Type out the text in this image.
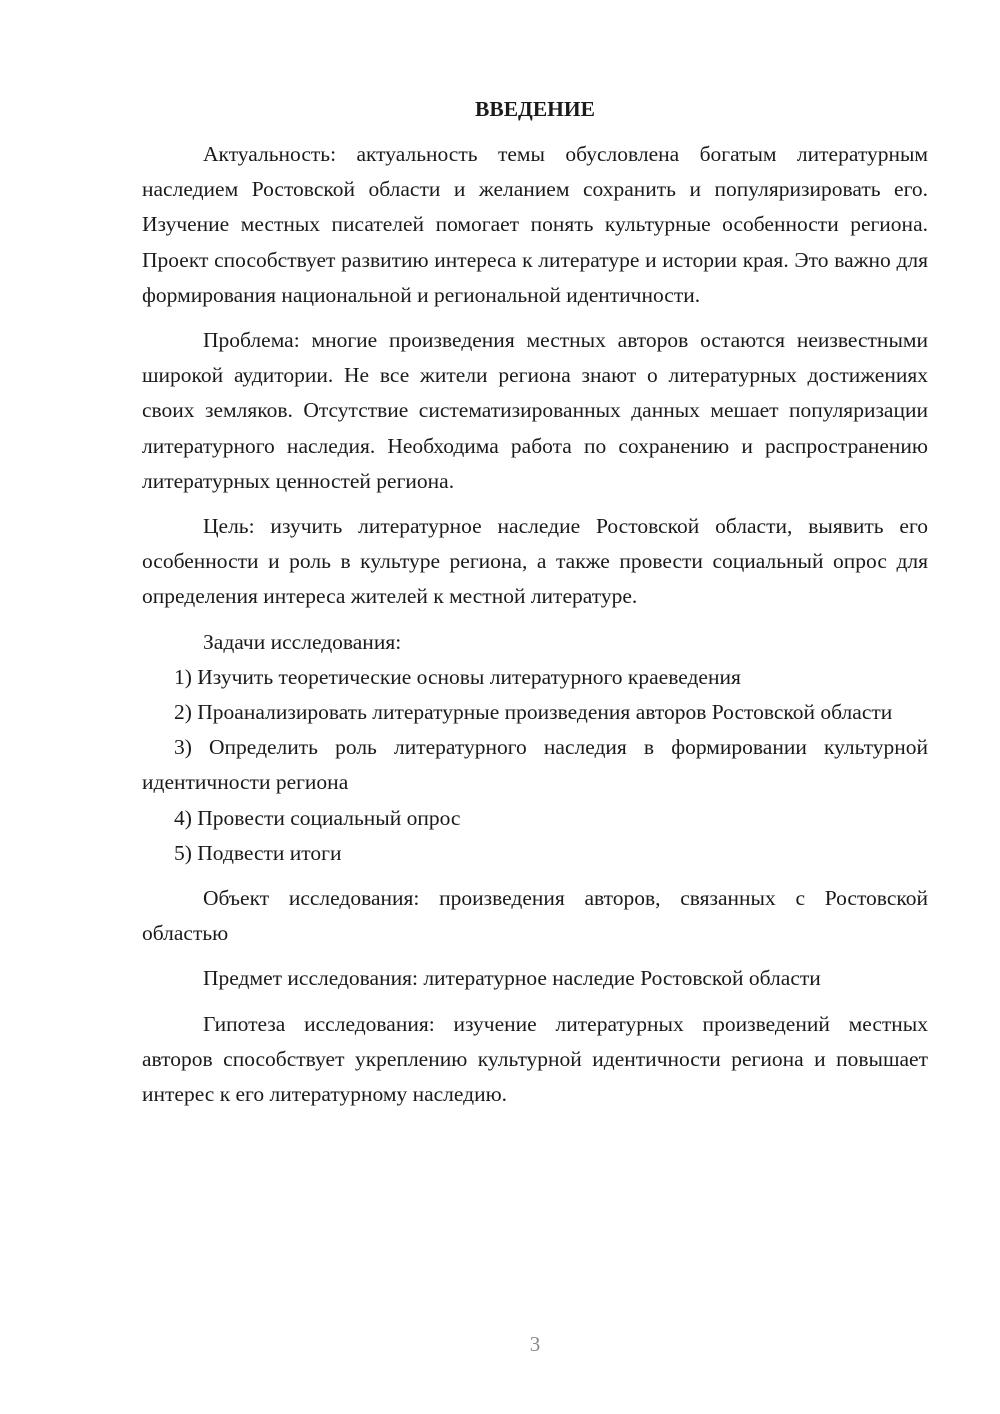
ВВЕДЕНИЕ

Актуальность: актуальность темы обусловлена богатым литературным наследием Ростовской области и желанием сохранить и популяризировать его. Изучение местных писателей помогает понять культурные особенности региона. Проект способствует развитию интереса к литературе и истории края. Это важно для формирования национальной и региональной идентичности.

Проблема: многие произведения местных авторов остаются неизвестными широкой аудитории. Не все жители региона знают о литературных достижениях своих земляков. Отсутствие систематизированных данных мешает популяризации литературного наследия. Необходима работа по сохранению и распространению литературных ценностей региона.

Цель: изучить литературное наследие Ростовской области, выявить его особенности и роль в культуре региона, а также провести социальный опрос для определения интереса жителей к местной литературе.

Задачи исследования:

1) Изучить теоретические основы литературного краеведения

2) Проанализировать литературные произведения авторов Ростовской области

3) Определить роль литературного наследия в формировании культурной идентичности региона

4) Провести социальный опрос

5) Подвести итоги

Объект исследования: произведения авторов, связанных с Ростовской областью

Предмет исследования: литературное наследие Ростовской области

Гипотеза исследования: изучение литературных произведений местных авторов способствует укреплению культурной идентичности региона и повышает интерес к его литературному наследию.

3
